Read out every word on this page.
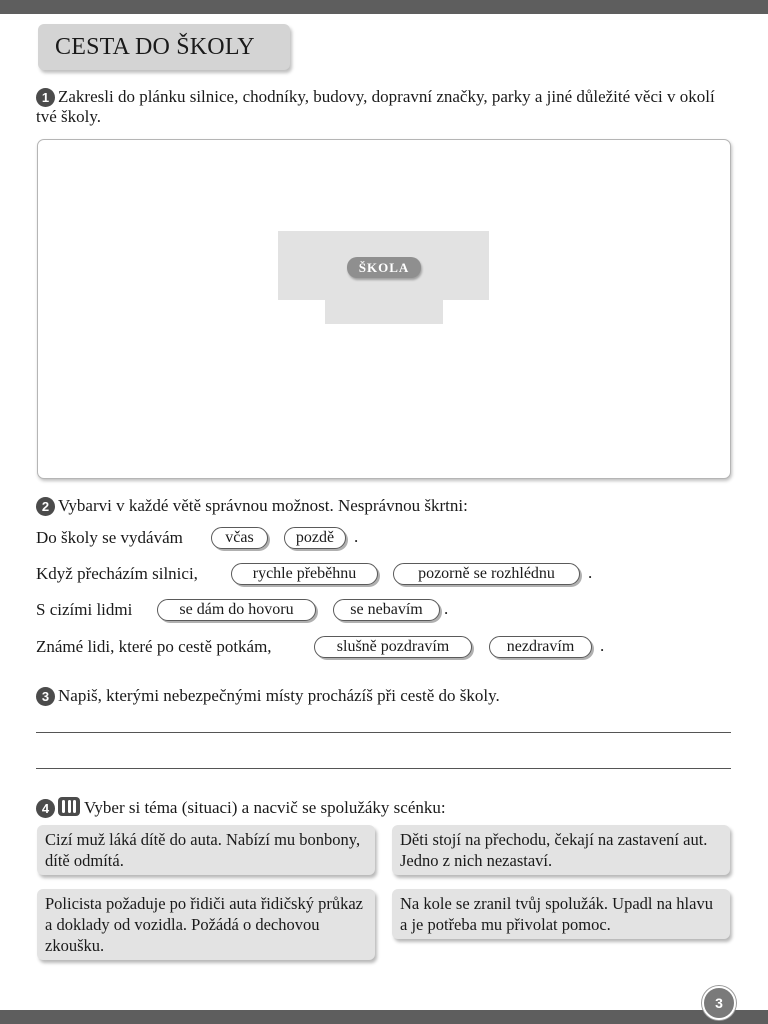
CESTA DO ŠKOLY
1 Zakresli do plánku silnice, chodníky, budovy, dopravní značky, parky a jiné důležité věci v okolí tvé školy.
ŠKOLA
2 Vybarvi v každé větě správnou možnost. Nesprávnou škrtni:
Do školy se vydávám	včas	pozdě	.
Když přecházím silnici,	rychle přeběhnu	pozorně se rozhlédnu	.
S cizími lidmi	se dám do hovoru	se nebavím	.
Známé lidi, které po cestě potkám,	slušně pozdravím	nezdravím	.
3 Napiš, kterými nebezpečnými místy procházíš při cestě do školy.
4 Vyber si téma (situaci) a nacvič se spolužáky scénku:
Cizí muž láká dítě do auta. Nabízí mu bonbony, dítě odmítá.
Děti stojí na přechodu, čekají na zastavení aut. Jedno z nich nezastaví.
Policista požaduje po řidiči auta řidičský průkaz a doklady od vozidla. Požádá o dechovou zkoušku.
Na kole se zranil tvůj spolužák. Upadl na hlavu a je potřeba mu přivolat pomoc.
3
